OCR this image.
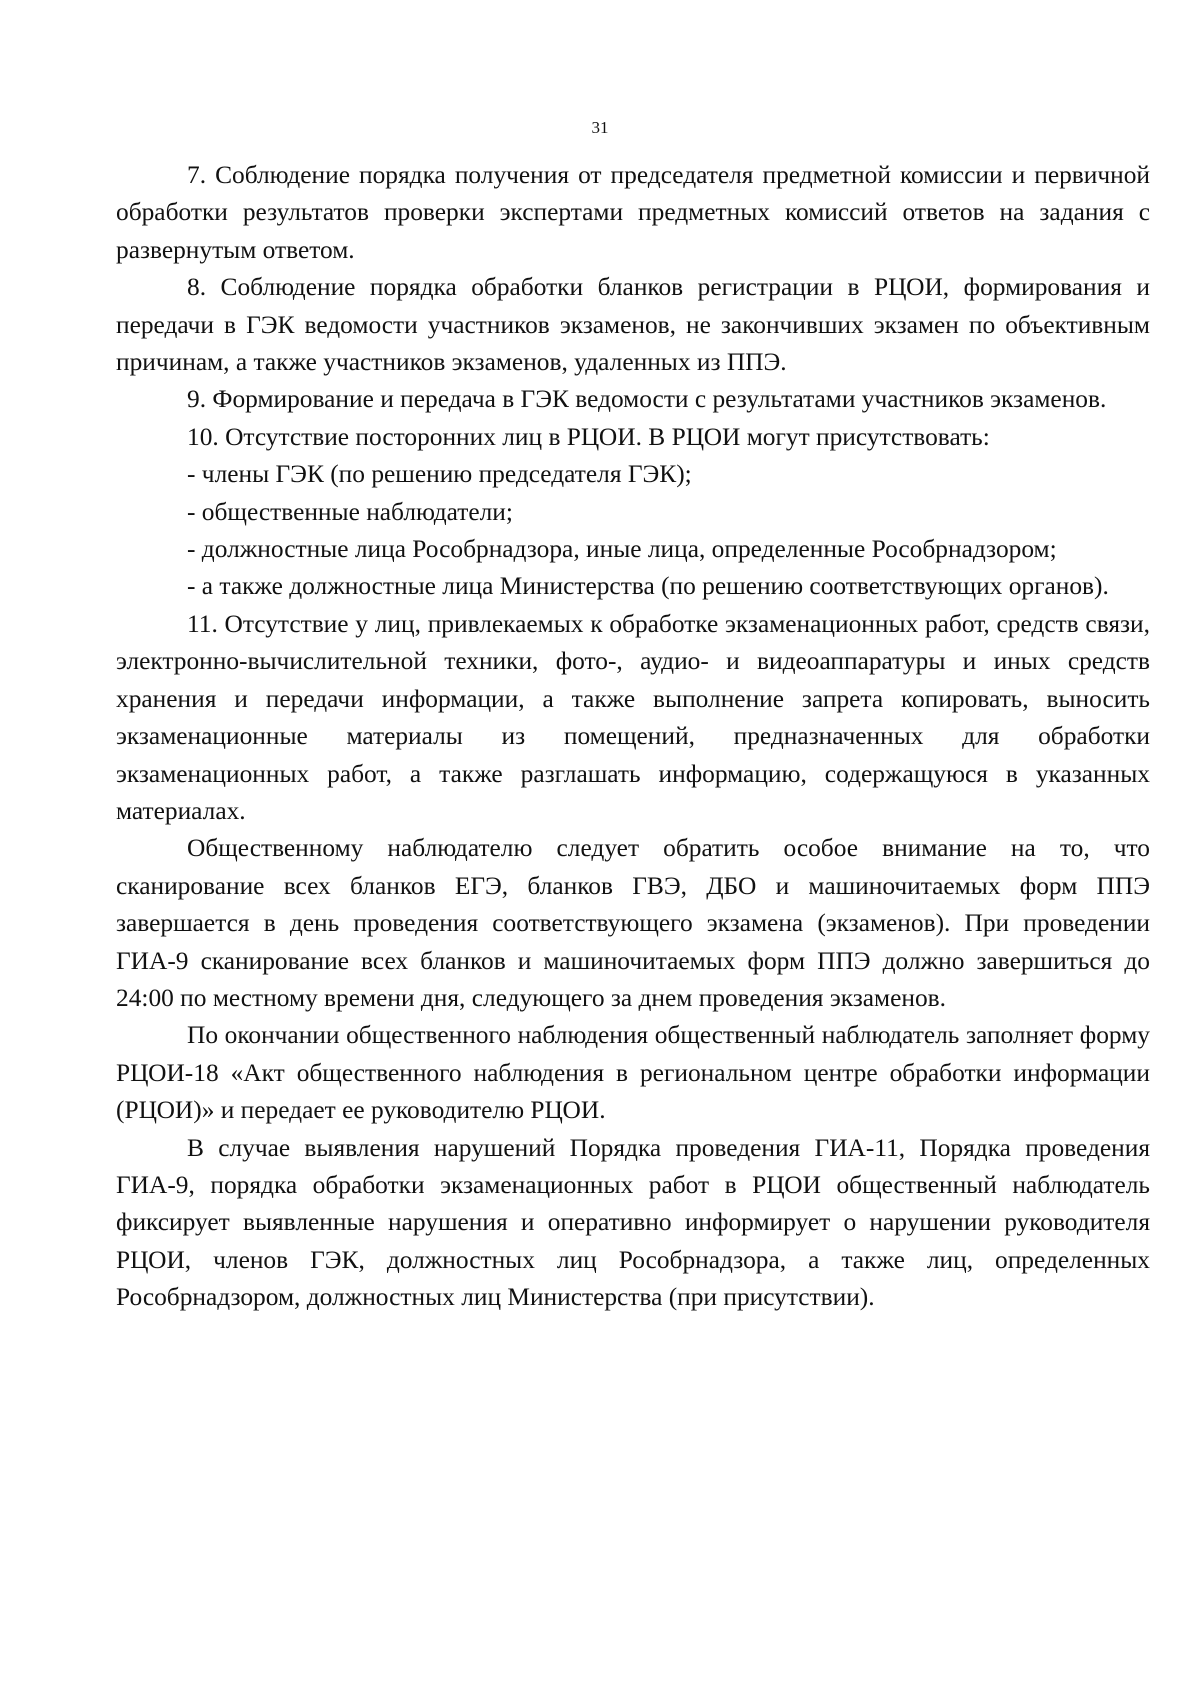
31

7. Соблюдение порядка получения от председателя предметной комиссии и первичной обработки результатов проверки экспертами предметных комиссий ответов на задания с развернутым ответом.

8. Соблюдение порядка обработки бланков регистрации в РЦОИ, формирования и передачи в ГЭК ведомости участников экзаменов, не закончивших экзамен по объективным причинам, а также участников экзаменов, удаленных из ППЭ.

9. Формирование и передача в ГЭК ведомости с результатами участников экзаменов.

10. Отсутствие посторонних лиц в РЦОИ. В РЦОИ могут присутствовать:

- члены ГЭК (по решению председателя ГЭК);

- общественные наблюдатели;

- должностные лица Рособрнадзора, иные лица, определенные Рособрнадзором;

- а также должностные лица Министерства (по решению соответствующих органов).

11. Отсутствие у лиц, привлекаемых к обработке экзаменационных работ, средств связи, электронно-вычислительной техники, фото-, аудио- и видеоаппаратуры и иных средств хранения и передачи информации, а также выполнение запрета копировать, выносить экзаменационные материалы из помещений, предназначенных для обработки экзаменационных работ, а также разглашать информацию, содержащуюся в указанных материалах.

Общественному наблюдателю следует обратить особое внимание на то, что сканирование всех бланков ЕГЭ, бланков ГВЭ, ДБО и машиночитаемых форм ППЭ завершается в день проведения соответствующего экзамена (экзаменов). При проведении ГИА-9 сканирование всех бланков и машиночитаемых форм ППЭ должно завершиться до 24:00 по местному времени дня, следующего за днем проведения экзаменов.

По окончании общественного наблюдения общественный наблюдатель заполняет форму РЦОИ-18 «Акт общественного наблюдения в региональном центре обработки информации (РЦОИ)» и передает ее руководителю РЦОИ.

В случае выявления нарушений Порядка проведения ГИА-11, Порядка проведения ГИА-9, порядка обработки экзаменационных работ в РЦОИ общественный наблюдатель фиксирует выявленные нарушения и оперативно информирует о нарушении руководителя РЦОИ, членов ГЭК, должностных лиц Рособрнадзора, а также лиц, определенных Рособрнадзором, должностных лиц Министерства (при присутствии).
